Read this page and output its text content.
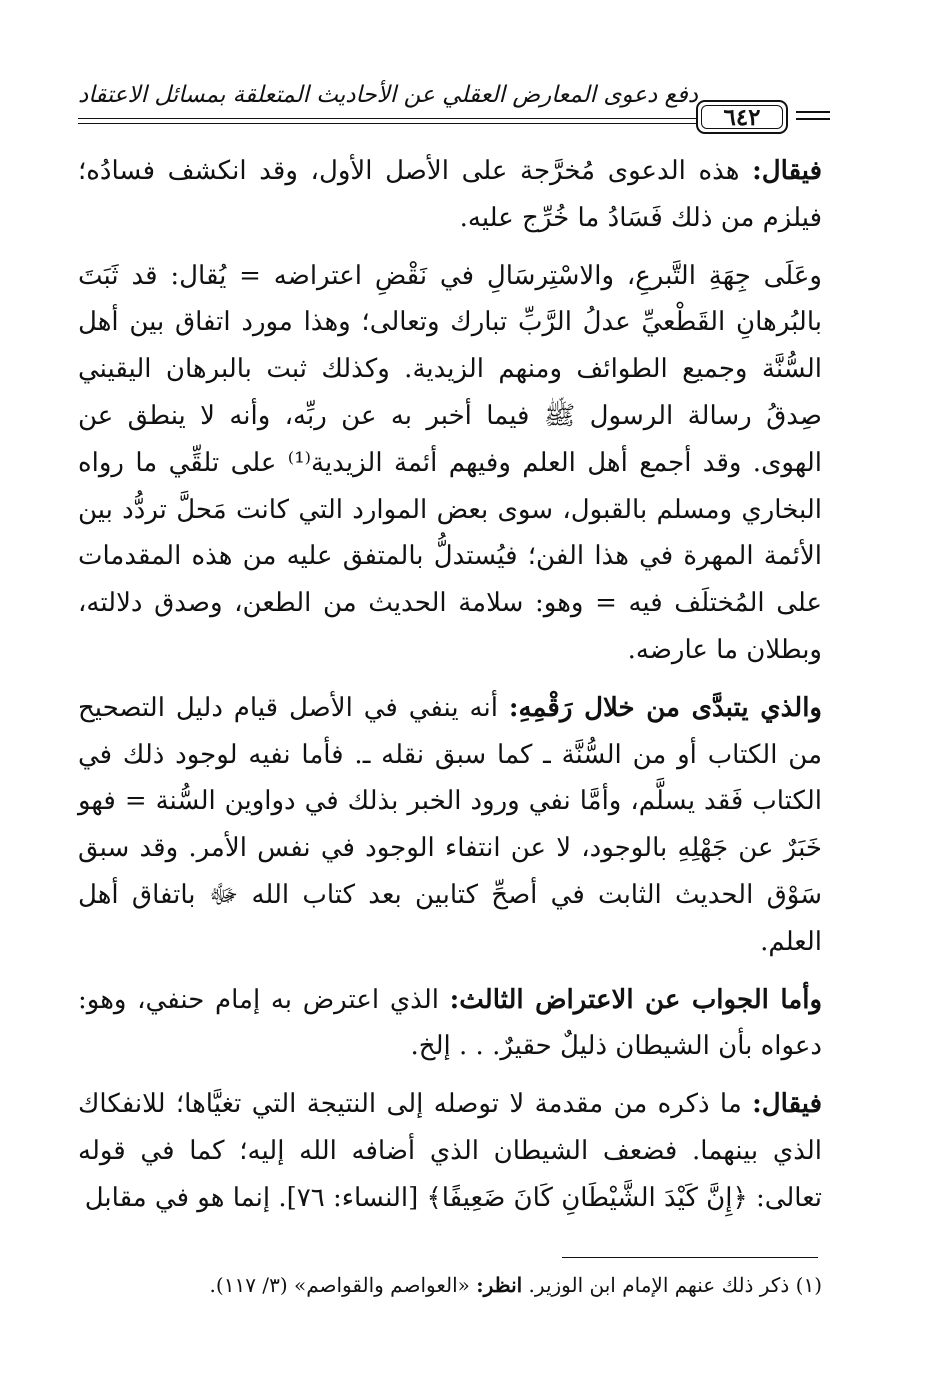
دفع دعوى المعارض العقلي عن الأحاديث المتعلقة بمسائل الاعتقاد
٦٤٢

فيقال: هذه الدعوى مُخرَّجة على الأصل الأول، وقد انكشف فسادُه؛ فيلزم من ذلك فَسَادُ ما خُرِّج عليه.

وعَلَى جِهَةِ التَّبرعِ، والاسْتِرسَالِ في نَقْضِ اعتراضه = يُقال: قد ثَبَتَ بالبُرهانِ القَطْعيِّ عدلُ الرَّبِّ تبارك وتعالى؛ وهذا مورد اتفاق بين أهل السُّنَّة وجميع الطوائف ومنهم الزيدية. وكذلك ثبت بالبرهان اليقيني صِدقُ رسالة الرسول ﷺ فيما أخبر به عن ربِّه، وأنه لا ينطق عن الهوى. وقد أجمع أهل العلم وفيهم أئمة الزيدية⁽¹⁾ على تلقِّي ما رواه البخاري ومسلم بالقبول، سوى بعض الموارد التي كانت مَحلَّ تردُّد بين الأئمة المهرة في هذا الفن؛ فيُستدلُّ بالمتفق عليه من هذه المقدمات على المُختلَف فيه = وهو: سلامة الحديث من الطعن، وصدق دلالته، وبطلان ما عارضه.

والذي يتبدَّى من خلال رَقْمِهِ: أنه ينفي في الأصل قيام دليل التصحيح من الكتاب أو من السُّنَّة ـ كما سبق نقله ـ. فأما نفيه لوجود ذلك في الكتاب فَقد يسلَّم، وأمَّا نفي ورود الخبر بذلك في دواوين السُّنة = فهو خَبَرٌ عن جَهْلِهِ بالوجود، لا عن انتفاء الوجود في نفس الأمر. وقد سبق سَوْق الحديث الثابت في أصحِّ كتابين بعد كتاب الله ﷻ باتفاق أهل العلم.

وأما الجواب عن الاعتراض الثالث: الذي اعترض به إمام حنفي، وهو: دعواه بأن الشيطان ذليلٌ حقيرٌ. . . إلخ.

فيقال: ما ذكره من مقدمة لا توصله إلى النتيجة التي تغيَّاها؛ للانفكاك الذي بينهما. فضعف الشيطان الذي أضافه الله إليه؛ كما في قوله تعالى: ﴿إِنَّ كَيْدَ الشَّيْطَانِ كَانَ ضَعِيفًا﴾ [النساء: ٧٦]. إنما هو في مقابل

(١) ذكر ذلك عنهم الإمام ابن الوزير. انظر: «العواصم والقواصم» (٣/ ١١٧).
